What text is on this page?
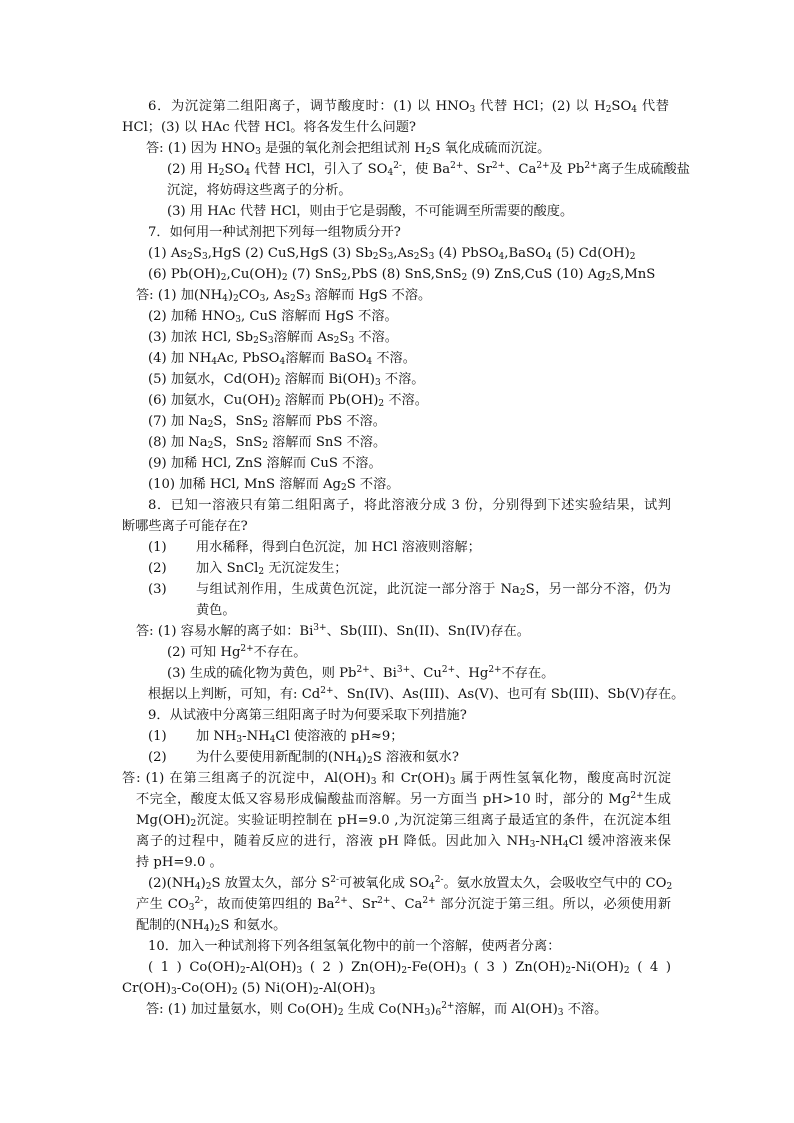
6．为沉淀第二组阳离子，调节酸度时：(1) 以 $HNO_3$ 代替 HCl；(2) 以 $H_2SO_4$ 代替
HCl；(3) 以 HAc 代替 HCl。将各发生什么问题?
答: (1) 因为 $HNO_3$ 是强的氧化剂会把组试剂 $H_2S$ 氧化成硫而沉淀。
(2) 用 $H_2SO_4$ 代替 HCl，引入了 $SO_4^{2-}$，使 $Ba^{2+}$、$Sr^{2+}$、$Ca^{2+}$及 $Pb^{2+}$离子生成硫酸盐
沉淀，将妨碍这些离子的分析。
(3) 用 HAc 代替 HCl，则由于它是弱酸，不可能调至所需要的酸度。
7．如何用一种试剂把下列每一组物质分开?
(1) $As_2S_3,HgS$ (2) CuS,HgS (3) $Sb_2S_3,As_2S_3$ (4) PbSO$_4$,BaSO$_4$ (5) $Cd(OH)_2$
(6) $Pb(OH)_2,Cu(OH)_2$ (7) SnS$_2$,PbS (8) SnS,SnS$_2$ (9) ZnS,CuS (10) $Ag_2S,MnS$
答: (1) 加$(NH_4)_2CO_3$, $As_2S_3$ 溶解而 HgS 不溶。
(2) 加稀 $HNO_3$, CuS 溶解而 HgS 不溶。
(3) 加浓 HCl, $Sb_2S_3$溶解而 $As_2S_3$ 不溶。
(4) 加 $NH_4Ac$, PbSO$_4$溶解而 BaSO$_4$ 不溶。
(5) 加氨水，$Cd(OH)_2$ 溶解而 $Bi(OH)_3$ 不溶。
(6) 加氨水，$Cu(OH)_2$ 溶解而 $Pb(OH)_2$ 不溶。
(7) 加 $Na_2S$，SnS$_2$ 溶解而 PbS 不溶。
(8) 加 $Na_2S$，SnS$_2$ 溶解而 SnS 不溶。
(9) 加稀 HCl, ZnS 溶解而 CuS 不溶。
(10) 加稀 HCl, MnS 溶解而 $Ag_2S$ 不溶。
8．已知一溶液只有第二组阳离子，将此溶液分成 3 份，分别得到下述实验结果，试判
断哪些离子可能存在?
(1) 用水稀释，得到白色沉淀，加 HCl 溶液则溶解；
(2) 加入 SnCl$_2$ 无沉淀发生；
(3) 与组试剂作用，生成黄色沉淀，此沉淀一部分溶于 $Na_2S$，另一部分不溶，仍为
黄色。
答: (1) 容易水解的离子如：$Bi^{3+}$、Sb(III)、Sn(II)、Sn(IV)存在。
(2) 可知 $Hg^{2+}$不存在。
(3) 生成的硫化物为黄色，则 $Pb^{2+}$、$Bi^{3+}$、$Cu^{2+}$、$Hg^{2+}$不存在。
根据以上判断，可知，有: $Cd^{2+}$、Sn(IV)、As(III)、As(V)、也可有 Sb(III)、Sb(V)存在。
9．从试液中分离第三组阳离子时为何要采取下列措施?
(1) 加 $NH_3-NH_4Cl$ 使溶液的 pH≈9；
(2) 为什么要使用新配制的$(NH_4)_2S$ 溶液和氨水?
答: (1) 在第三组离子的沉淀中，$Al(OH)_3$ 和 $Cr(OH)_3$ 属于两性氢氧化物，酸度高时沉淀
不完全，酸度太低又容易形成偏酸盐而溶解。另一方面当 pH>10 时，部分的 $Mg^{2+}$生成
$Mg(OH)_2$沉淀。实验证明控制在 pH=9.0 ,为沉淀第三组离子最适宜的条件，在沉淀本组
离子的过程中，随着反应的进行，溶液 pH 降低。因此加入 $NH_3-NH_4Cl$ 缓冲溶液来保
持 pH=9.0 。
$(2)(NH_4)_2S$ 放置太久，部分 $S^{2-}$可被氧化成 $SO_4^{2-}$。氨水放置太久，会吸收空气中的 $CO_2$
产生 $CO_3^{2-}$，故而使第四组的 $Ba^{2+}$、$Sr^{2+}$、$Ca^{2+}$ 部分沉淀于第三组。所以，必须使用新
配制的$(NH_4)_2S$ 和氨水。
10．加入一种试剂将下列各组氢氧化物中的前一个溶解，使两者分离：
( 1 ) $Co(OH)_2-Al(OH)_3$ ( 2 ) $Zn(OH)_2-Fe(OH)_3$ ( 3 ) $Zn(OH)_2-Ni(OH)_2$ ( 4 )
$Cr(OH)_3-Co(OH)_2$ (5) $Ni(OH)_2-Al(OH)_3$
答: (1) 加过量氨水，则 $Co(OH)_2$ 生成 $Co(NH_3)_6^{2+}$溶解，而 $Al(OH)_3$ 不溶。
